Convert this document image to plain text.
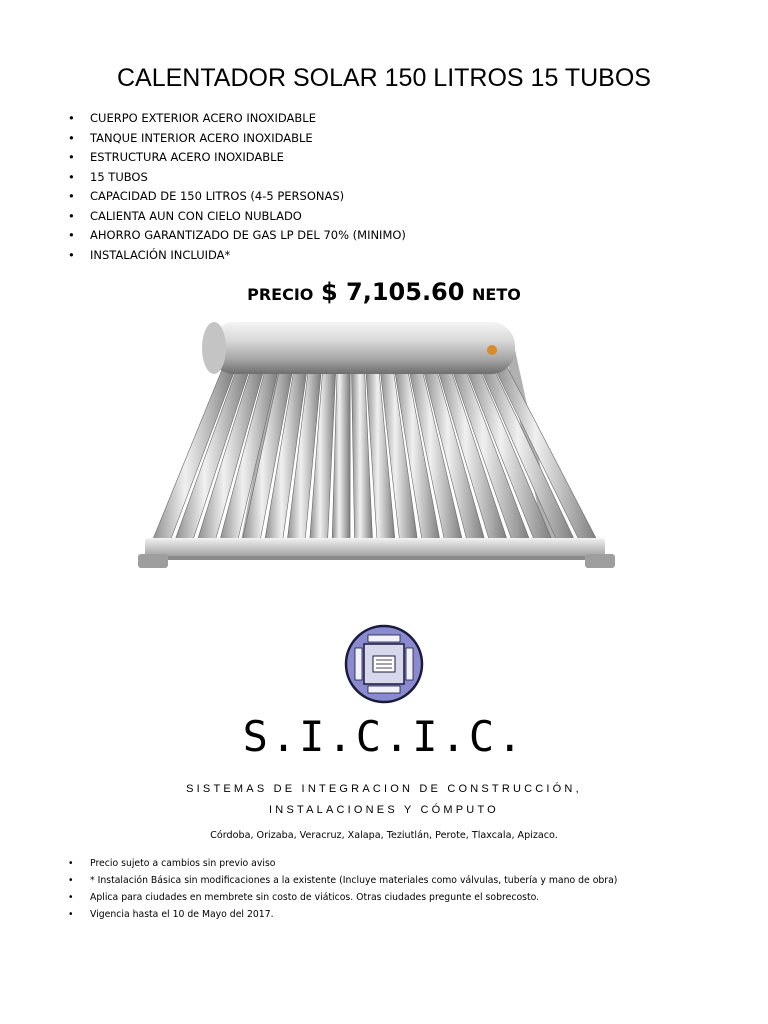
CALENTADOR SOLAR 150 LITROS 15 TUBOS
• CUERPO EXTERIOR ACERO INOXIDABLE
• TANQUE INTERIOR ACERO INOXIDABLE
• ESTRUCTURA ACERO INOXIDABLE
• 15 TUBOS
• CAPACIDAD DE 150 LITROS (4-5 PERSONAS)
• CALIENTA AUN CON CIELO NUBLADO
• AHORRO GARANTIZADO DE GAS LP DEL 70% (MINIMO)
• INSTALACIÓN INCLUIDA*
PRECIO $ 7,105.60 NETO
S.I.C.I.C.
SISTEMAS DE INTEGRACION DE CONSTRUCCIÓN,
INSTALACIONES Y CÓMPUTO
Córdoba, Orizaba, Veracruz, Xalapa, Teziutlán, Perote, Tlaxcala, Apizaco.
• Precio sujeto a cambios sin previo aviso
• * Instalación Básica sin modificaciones a la existente (Incluye materiales como válvulas, tubería y mano de obra)
• Aplica para ciudades en membrete sin costo de viáticos. Otras ciudades pregunte el sobrecosto.
• Vigencia hasta el 10 de Mayo del 2017.
